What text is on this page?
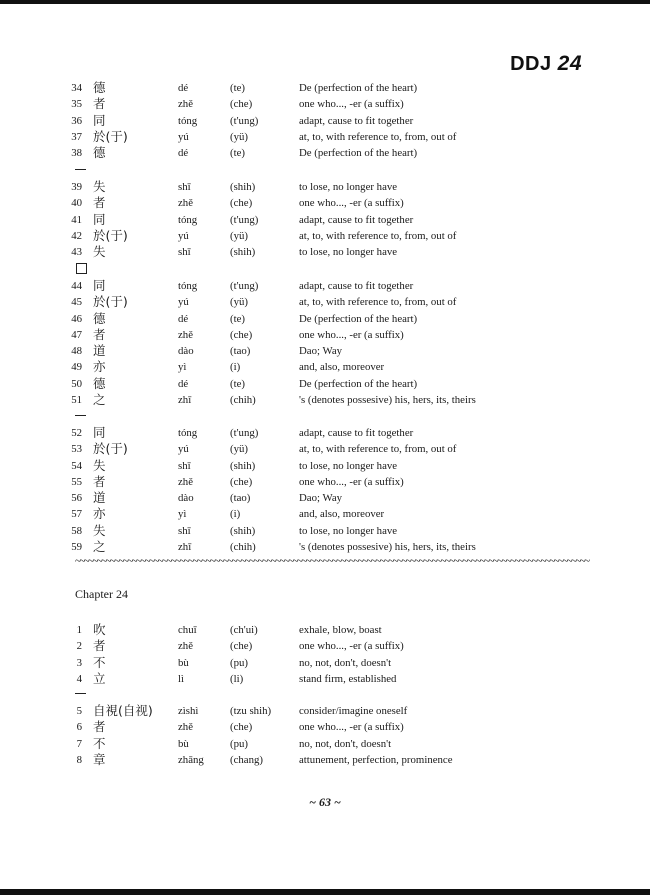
DDJ 24
34 德	dé	(te)	De (perfection of the heart)
35 者	zhě	(che)	one who..., -er (a suffix)
36 同	tóng	(t'ung)	adapt, cause to fit together
37 於(于)	yú	(yü)	at, to, with reference to, from, out of
38 德	dé	(te)	De (perfection of the heart)
39 失	shī	(shih)	to lose, no longer have
40 者	zhě	(che)	one who..., -er (a suffix)
41 同	tóng	(t'ung)	adapt, cause to fit together
42 於(于)	yú	(yü)	at, to, with reference to, from, out of
43 失	shī	(shih)	to lose, no longer have
44 同	tóng	(t'ung)	adapt, cause to fit together
45 於(于)	yú	(yü)	at, to, with reference to, from, out of
46 德	dé	(te)	De (perfection of the heart)
47 者	zhě	(che)	one who..., -er (a suffix)
48 道	dào	(tao)	Dao; Way
49 亦	yì	(i)	and, also, moreover
50 德	dé	(te)	De (perfection of the heart)
51 之	zhī	(chih)	's (denotes possesive) his, hers, its, theirs
52 同	tóng	(t'ung)	adapt, cause to fit together
53 於(于)	yú	(yü)	at, to, with reference to, from, out of
54 失	shī	(shih)	to lose, no longer have
55 者	zhě	(che)	one who..., -er (a suffix)
56 道	dào	(tao)	Dao; Way
57 亦	yì	(i)	and, also, moreover
58 失	shī	(shih)	to lose, no longer have
59 之	zhī	(chih)	's (denotes possesive) his, hers, its, theirs
~~~~~~~~~~~~~~~~~~~~~~~~~~~~~~~~~~~~~~~~~~~~~~~~~~~~~~~~~~~~~~~~~~~~~~~~~~~~~~~~~~~~~~~~~~~~~~~~~~~~~~~~~~~~~~~~~~~~~~
Chapter 24
1 吹	chuī	(ch'ui)	exhale, blow, boast
2 者	zhě	(che)	one who..., -er (a suffix)
3 不	bù	(pu)	no, not, don't, doesn't
4 立	lì	(li)	stand firm, established
5 自視(自视) zìshì	(tzu shih)	consider/imagine oneself
6 者	zhě	(che)	one who..., -er (a suffix)
7 不	bù	(pu)	no, not, don't, doesn't
8 章	zhāng (chang)	attunement, perfection, prominence
~ 63 ~
